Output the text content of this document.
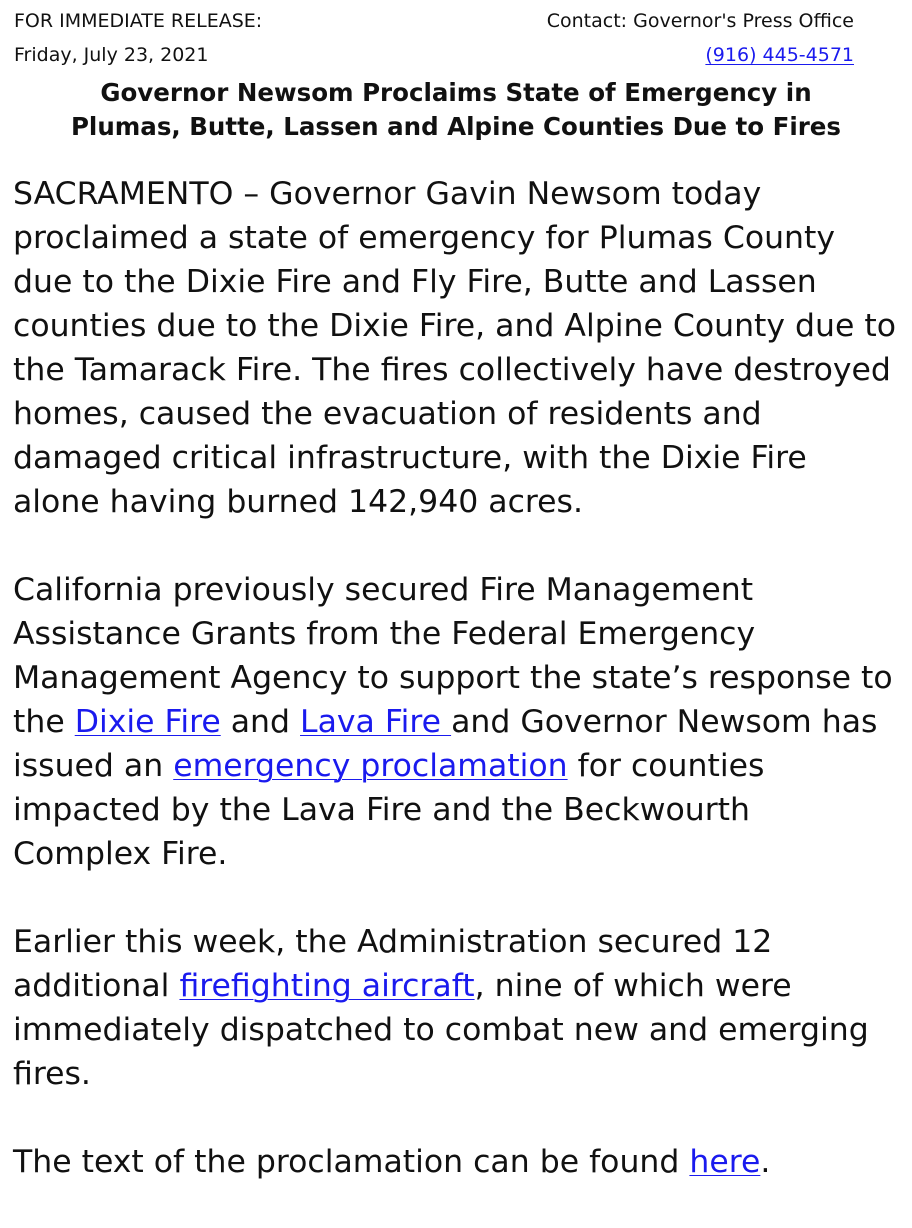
FOR IMMEDIATE RELEASE:
Friday, July 23, 2021
Contact: Governor's Press Office
(916) 445-4571
Governor Newsom Proclaims State of Emergency in
Plumas, Butte, Lassen and Alpine Counties Due to Fires

SACRAMENTO – Governor Gavin Newsom today proclaimed a state of emergency for Plumas County due to the Dixie Fire and Fly Fire, Butte and Lassen counties due to the Dixie Fire, and Alpine County due to the Tamarack Fire. The fires collectively have destroyed homes, caused the evacuation of residents and damaged critical infrastructure, with the Dixie Fire alone having burned 142,940 acres.

California previously secured Fire Management Assistance Grants from the Federal Emergency Management Agency to support the state’s response to the Dixie Fire and Lava Fire and Governor Newsom has issued an emergency proclamation for counties impacted by the Lava Fire and the Beckwourth Complex Fire.

Earlier this week, the Administration secured 12 additional firefighting aircraft, nine of which were immediately dispatched to combat new and emerging fires.

The text of the proclamation can be found here.
